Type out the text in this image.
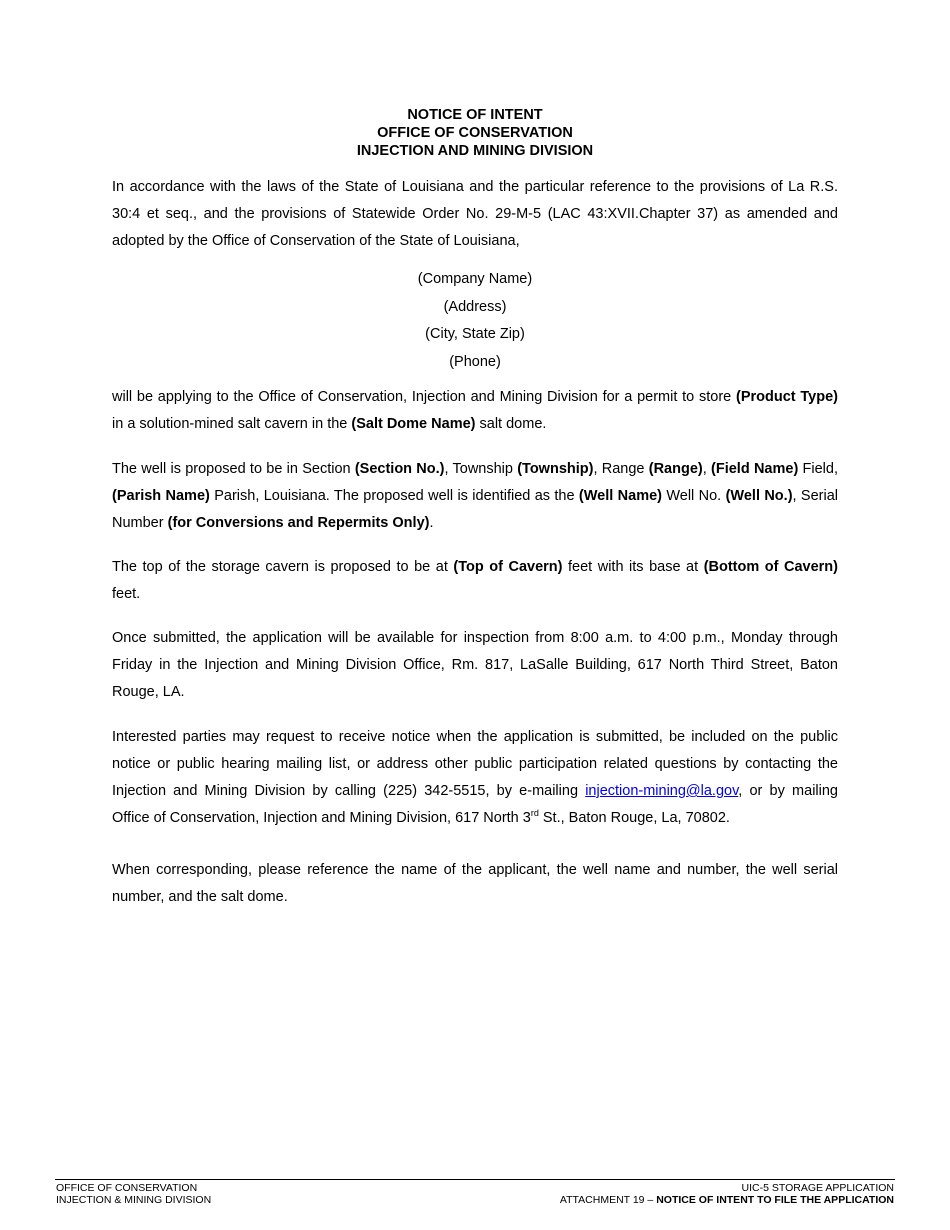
NOTICE OF INTENT
OFFICE OF CONSERVATION
INJECTION AND MINING DIVISION

In accordance with the laws of the State of Louisiana and the particular reference to the provisions of La R.S. 30:4 et seq., and the provisions of Statewide Order No. 29-M-5 (LAC 43:XVII.Chapter 37) as amended and adopted by the Office of Conservation of the State of Louisiana,

(Company Name)
(Address)
(City, State Zip)
(Phone)

will be applying to the Office of Conservation, Injection and Mining Division for a permit to store (Product Type) in a solution-mined salt cavern in the (Salt Dome Name) salt dome.

The well is proposed to be in Section (Section No.), Township (Township), Range (Range), (Field Name) Field, (Parish Name) Parish, Louisiana. The proposed well is identified as the (Well Name) Well No. (Well No.), Serial Number (for Conversions and Repermits Only).

The top of the storage cavern is proposed to be at (Top of Cavern) feet with its base at (Bottom of Cavern) feet.

Once submitted, the application will be available for inspection from 8:00 a.m. to 4:00 p.m., Monday through Friday in the Injection and Mining Division Office, Rm. 817, LaSalle Building, 617 North Third Street, Baton Rouge, LA.

Interested parties may request to receive notice when the application is submitted, be included on the public notice or public hearing mailing list, or address other public participation related questions by contacting the Injection and Mining Division by calling (225) 342-5515, by e-mailing injection-mining@la.gov, or by mailing Office of Conservation, Injection and Mining Division, 617 North 3rd St., Baton Rouge, La, 70802.

When corresponding, please reference the name of the applicant, the well name and number, the well serial number, and the salt dome.

OFFICE OF CONSERVATION
INJECTION & MINING DIVISION
UIC-5 STORAGE APPLICATION
ATTACHMENT 19 – NOTICE OF INTENT TO FILE THE APPLICATION
